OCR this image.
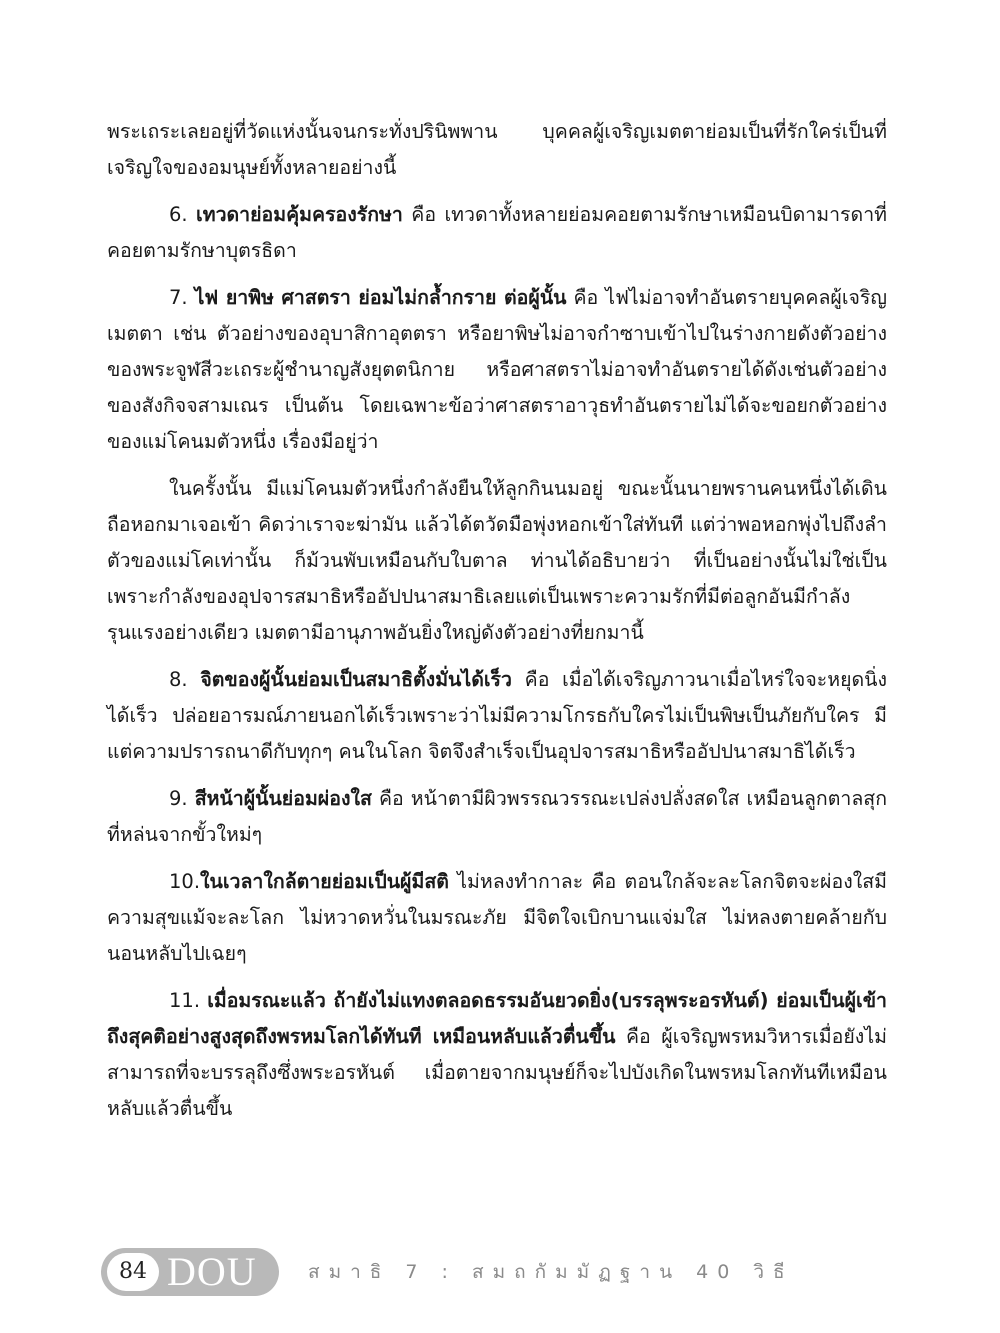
พระเถระเลยอยู่ที่วัดแห่งนั้นจนกระทั่งปรินิพพาน บุคคลผู้เจริญเมตตาย่อมเป็นที่รักใคร่เป็นที่เจริญใจของอมนุษย์ทั้งหลายอย่างนี้

6. เทวดาย่อมคุ้มครองรักษา คือ เทวดาทั้งหลายย่อมคอยตามรักษาเหมือนบิดามารดาที่คอยตามรักษาบุตรธิดา

7. ไฟ ยาพิษ ศาสตรา ย่อมไม่กล้ำกราย ต่อผู้นั้น คือ ไฟไม่อาจทำอันตรายบุคคลผู้เจริญเมตตา เช่น ตัวอย่างของอุบาสิกาอุตตรา หรือยาพิษไม่อาจกำซาบเข้าไปในร่างกายดังตัวอย่างของพระจูฬสีวะเถระผู้ชำนาญสังยุตตนิกาย หรือศาสตราไม่อาจทำอันตรายได้ดังเช่นตัวอย่างของสังกิจจสามเณร เป็นต้น โดยเฉพาะข้อว่าศาสตราอาวุธทำอันตรายไม่ได้จะขอยกตัวอย่างของแม่โคนมตัวหนึ่ง เรื่องมีอยู่ว่า

ในครั้งนั้น มีแม่โคนมตัวหนึ่งกำลังยืนให้ลูกกินนมอยู่ ขณะนั้นนายพรานคนหนึ่งได้เดินถือหอกมาเจอเข้า คิดว่าเราจะฆ่ามัน แล้วได้ตวัดมือพุ่งหอกเข้าใส่ทันที แต่ว่าพอหอกพุ่งไปถึงลำตัวของแม่โคเท่านั้น ก็ม้วนพับเหมือนกับใบตาล ท่านได้อธิบายว่า ที่เป็นอย่างนั้นไม่ใช่เป็นเพราะกำลังของอุปจารสมาธิหรืออัปปนาสมาธิเลยแต่เป็นเพราะความรักที่มีต่อลูกอันมีกำลังรุนแรงอย่างเดียว เมตตามีอานุภาพอันยิ่งใหญ่ดังตัวอย่างที่ยกมานี้

8. จิตของผู้นั้นย่อมเป็นสมาธิตั้งมั่นได้เร็ว คือ เมื่อได้เจริญภาวนาเมื่อไหร่ใจจะหยุดนิ่งได้เร็ว ปล่อยอารมณ์ภายนอกได้เร็วเพราะว่าไม่มีความโกรธกับใครไม่เป็นพิษเป็นภัยกับใคร มีแต่ความปรารถนาดีกับทุกๆ คนในโลก จิตจึงสำเร็จเป็นอุปจารสมาธิหรืออัปปนาสมาธิได้เร็ว

9. สีหน้าผู้นั้นย่อมผ่องใส คือ หน้าตามีผิวพรรณวรรณะเปล่งปลั่งสดใส เหมือนลูกตาลสุกที่หล่นจากขั้วใหม่ๆ

10.ในเวลาใกล้ตายย่อมเป็นผู้มีสติ ไม่หลงทำกาละ คือ ตอนใกล้จะละโลกจิตจะผ่องใสมีความสุขแม้จะละโลก ไม่หวาดหวั่นในมรณะภัย มีจิตใจเบิกบานแจ่มใส ไม่หลงตายคล้ายกับนอนหลับไปเฉยๆ

11. เมื่อมรณะแล้ว ถ้ายังไม่แทงตลอดธรรมอันยวดยิ่ง(บรรลุพระอรหันต์) ย่อมเป็นผู้เข้าถึงสุคติอย่างสูงสุดถึงพรหมโลกได้ทันที เหมือนหลับแล้วตื่นขึ้น คือ ผู้เจริญพรหมวิหารเมื่อยังไม่สามารถที่จะบรรลุถึงซึ่งพระอรหันต์ เมื่อตายจากมนุษย์ก็จะไปบังเกิดในพรหมโลกทันทีเหมือนหลับแล้วตื่นขึ้น

84 DOU	สมาธิ 7 : สมถกัมมัฏฐาน 40 วิธี
